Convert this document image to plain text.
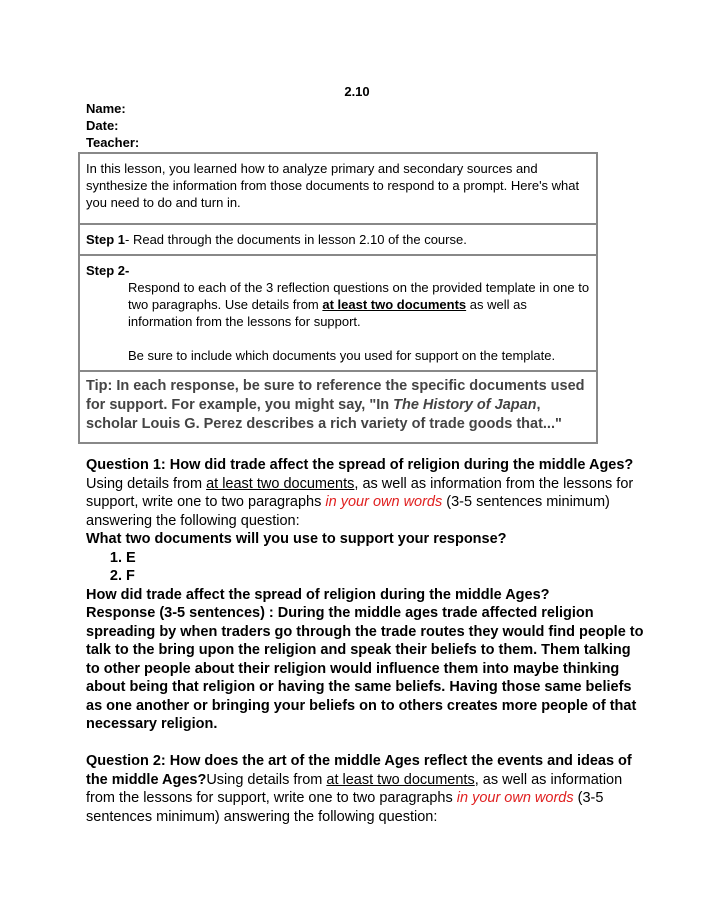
2.10
Name:
Date:
Teacher:
In this lesson, you learned how to analyze primary and secondary sources and synthesize the information from those documents to respond to a prompt. Here's what you need to do and turn in.
Step 1- Read through the documents in lesson 2.10 of the course.
Step 2-
Respond to each of the 3 reflection questions on the provided template in one to two paragraphs. Use details from at least two documents as well as information from the lessons for support.
Be sure to include which documents you used for support on the template.
Tip: In each response, be sure to reference the specific documents used for support. For example, you might say, "In The History of Japan, scholar Louis G. Perez describes a rich variety of trade goods that..."

Question 1: How did trade affect the spread of religion during the middle Ages?

Using details from at least two documents, as well as information from the lessons for support, write one to two paragraphs in your own words (3-5 sentences minimum) answering the following question:

What two documents will you use to support your response?

1. E
2. F

How did trade affect the spread of religion during the middle Ages?

Response (3-5 sentences) : During the middle ages trade affected religion spreading by when traders go through the trade routes they would find people to talk to the bring upon the religion and speak their beliefs to them. Them talking to other people about their religion would influence them into maybe thinking about being that religion or having the same beliefs. Having those same beliefs as one another or bringing your beliefs on to others creates more people of that necessary religion.

Question 2: How does the art of the middle Ages reflect the events and ideas of the middle Ages?Using details from at least two documents, as well as information from the lessons for support, write one to two paragraphs in your own words (3-5 sentences minimum) answering the following question:
